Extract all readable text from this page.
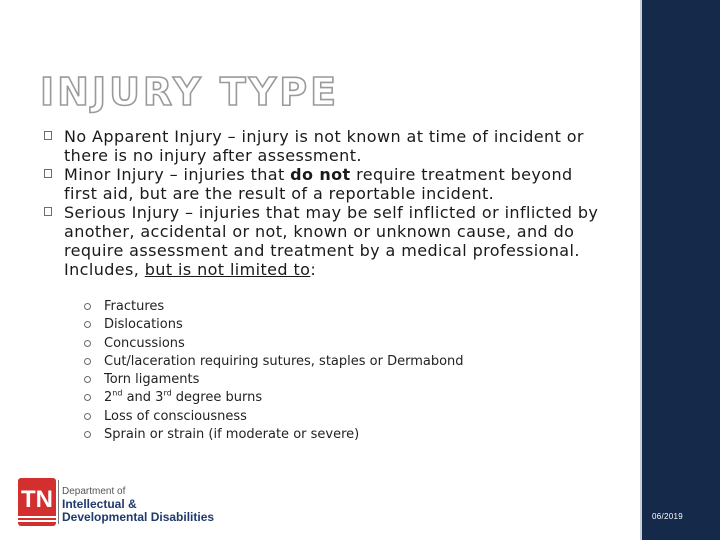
INJURY TYPE
No Apparent Injury – injury is not known at time of incident or there is no injury after assessment.
Minor Injury – injuries that do not require treatment beyond first aid, but are the result of a reportable incident.
Serious Injury – injuries that may be self inflicted or inflicted by another, accidental or not, known or unknown cause, and do require assessment and treatment by a medical professional. Includes, but is not limited to:
Fractures
Dislocations
Concussions
Cut/laceration requiring sutures, staples or Dermabond
Torn ligaments
2nd and 3rd degree burns
Loss of consciousness
Sprain or strain (if moderate or severe)
TN Department of
Intellectual &
Developmental Disabilities	06/2019
